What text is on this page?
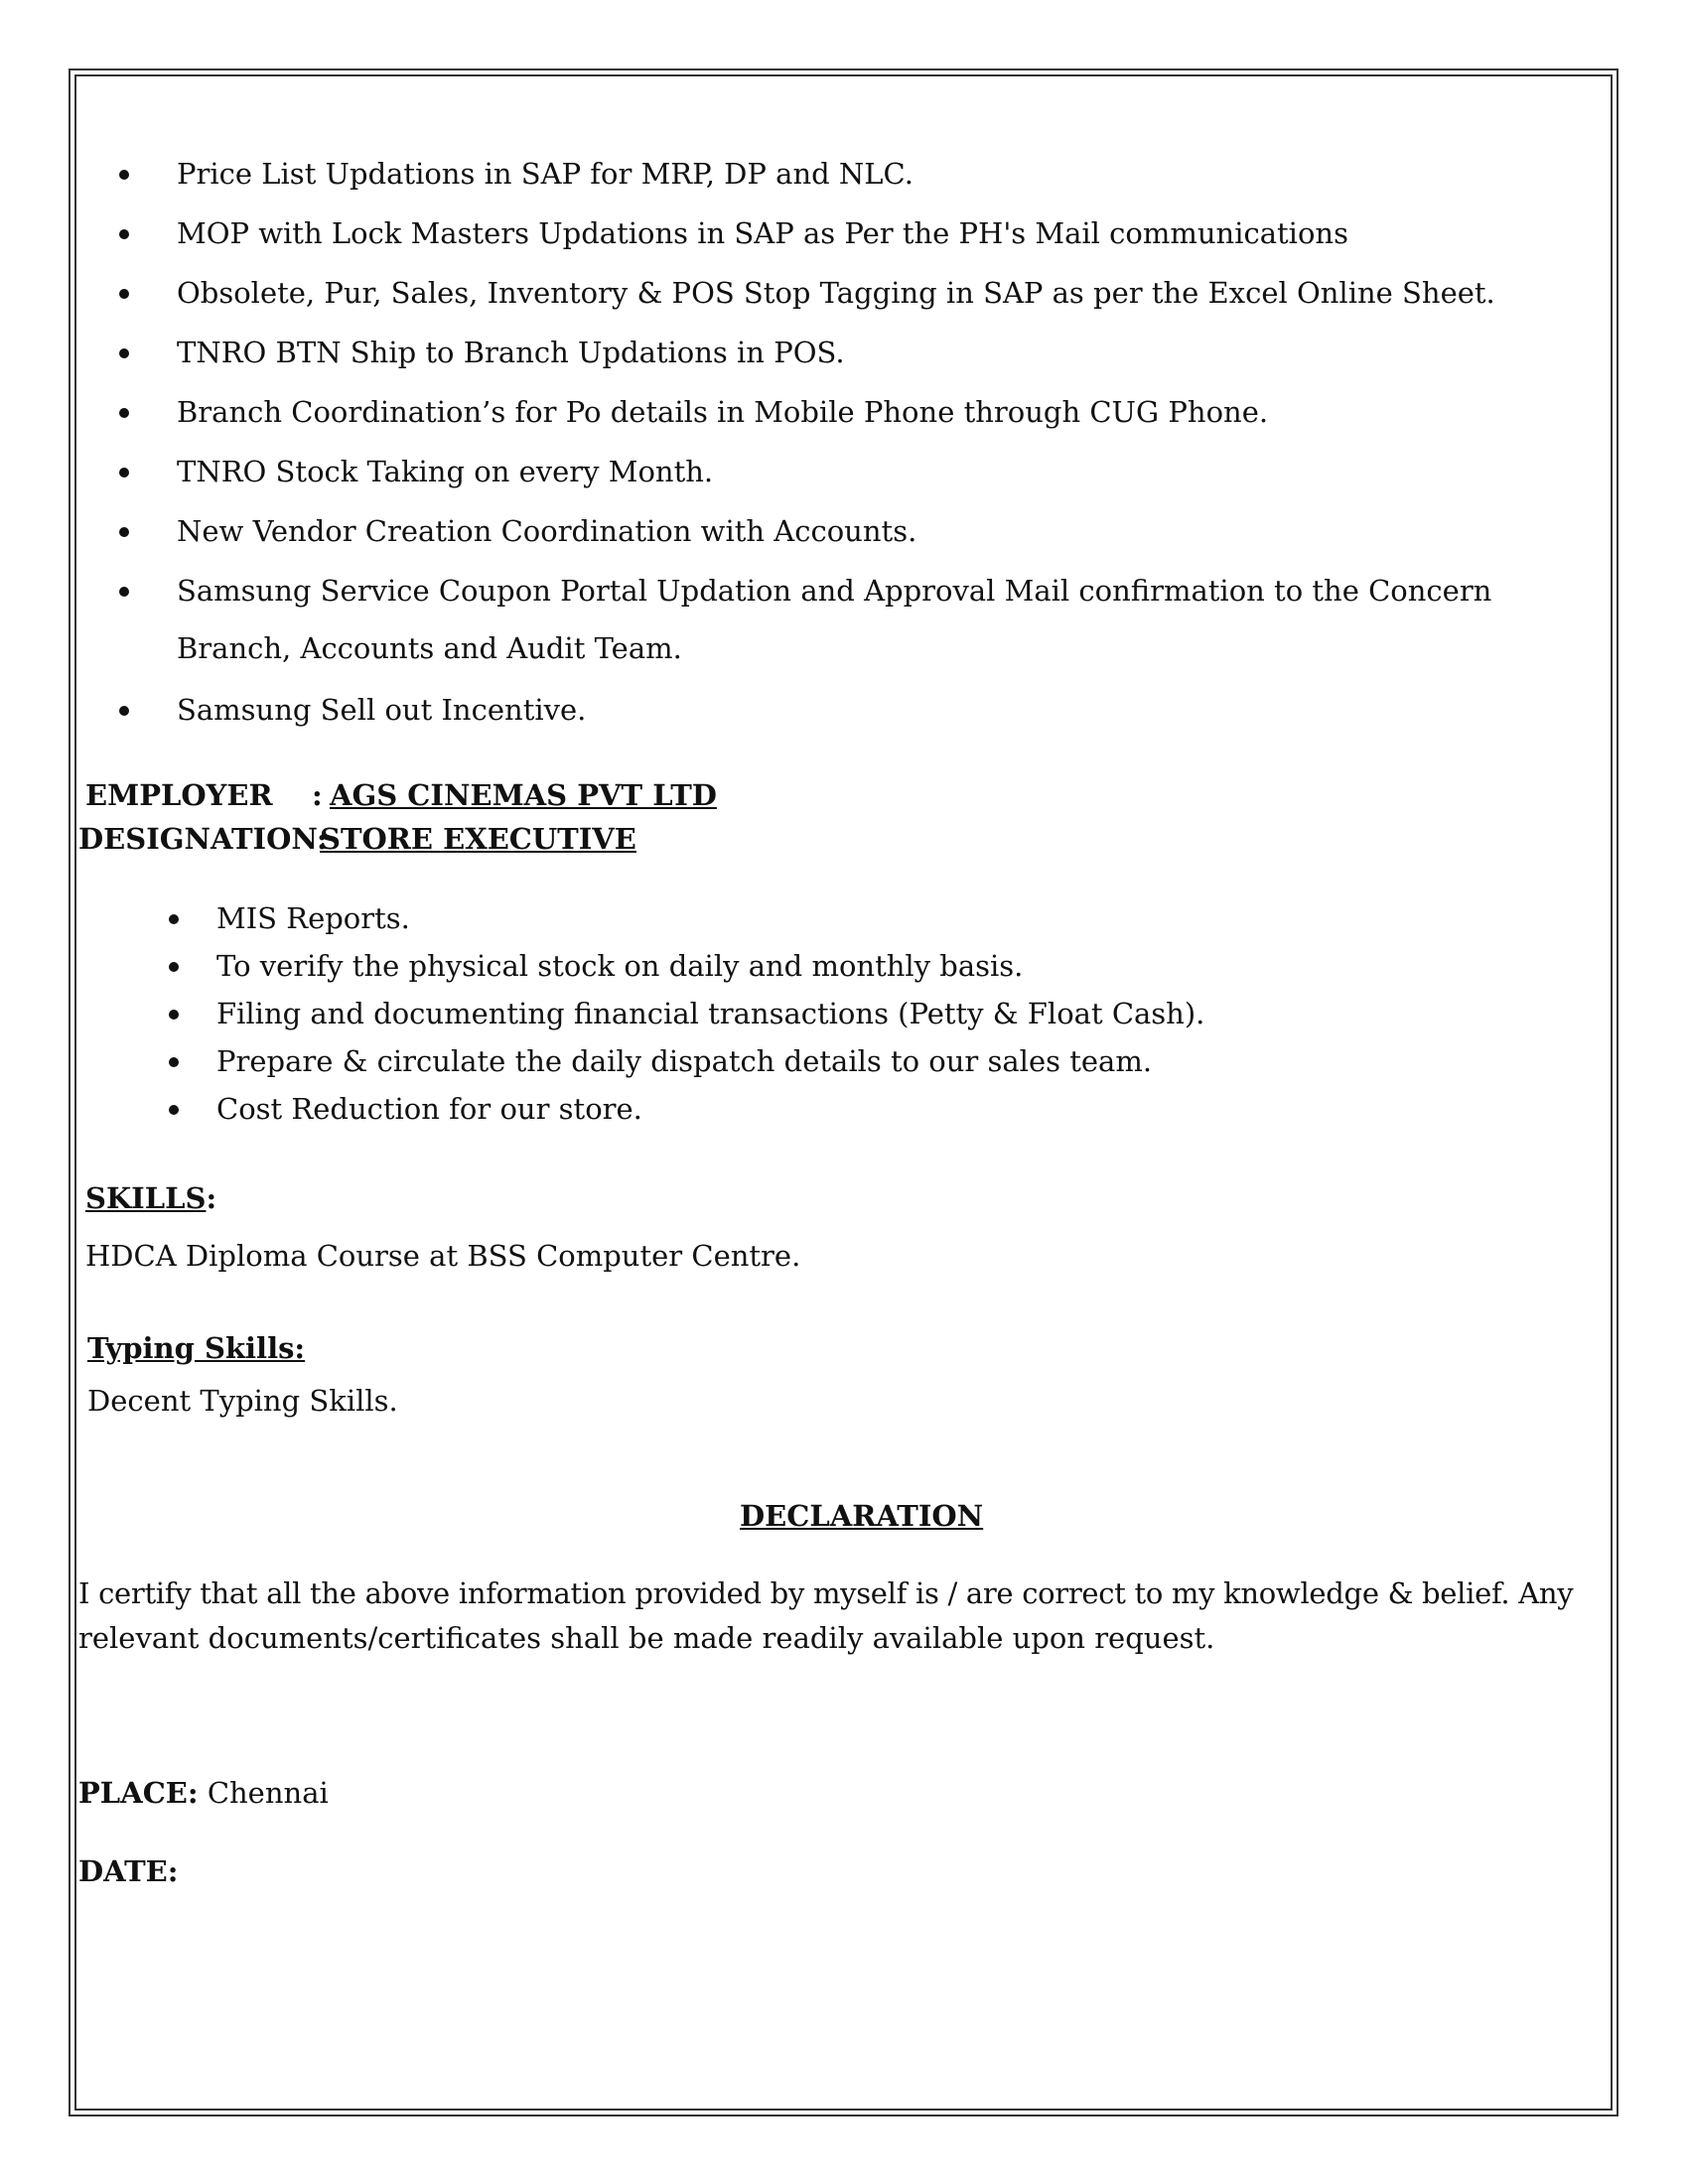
Price List Updations in SAP for MRP, DP and NLC.
MOP with Lock Masters Updations in SAP as Per the PH's Mail communications
Obsolete, Pur, Sales, Inventory & POS Stop Tagging in SAP as per the Excel Online Sheet.
TNRO BTN Ship to Branch Updations in POS.
Branch Coordination’s for Po details in Mobile Phone through CUG Phone.
TNRO Stock Taking on every Month.
New Vendor Creation Coordination with Accounts.
Samsung Service Coupon Portal Updation and Approval Mail confirmation to the Concern
Branch, Accounts and Audit Team.
Samsung Sell out Incentive.
EMPLOYER : AGS CINEMAS PVT LTD
DESIGNATION:
STORE EXECUTIVE
MIS Reports.
To verify the physical stock on daily and monthly basis.
Filing and documenting financial transactions (Petty & Float Cash).
Prepare & circulate the daily dispatch details to our sales team.
Cost Reduction for our store.
SKILLS:
HDCA Diploma Course at BSS Computer Centre.
Typing Skills:
Decent Typing Skills.
DECLARATION
I certify that all the above information provided by myself is / are correct to my knowledge & belief. Any
relevant documents/certificates shall be made readily available upon request.
PLACE: Chennai
DATE:
